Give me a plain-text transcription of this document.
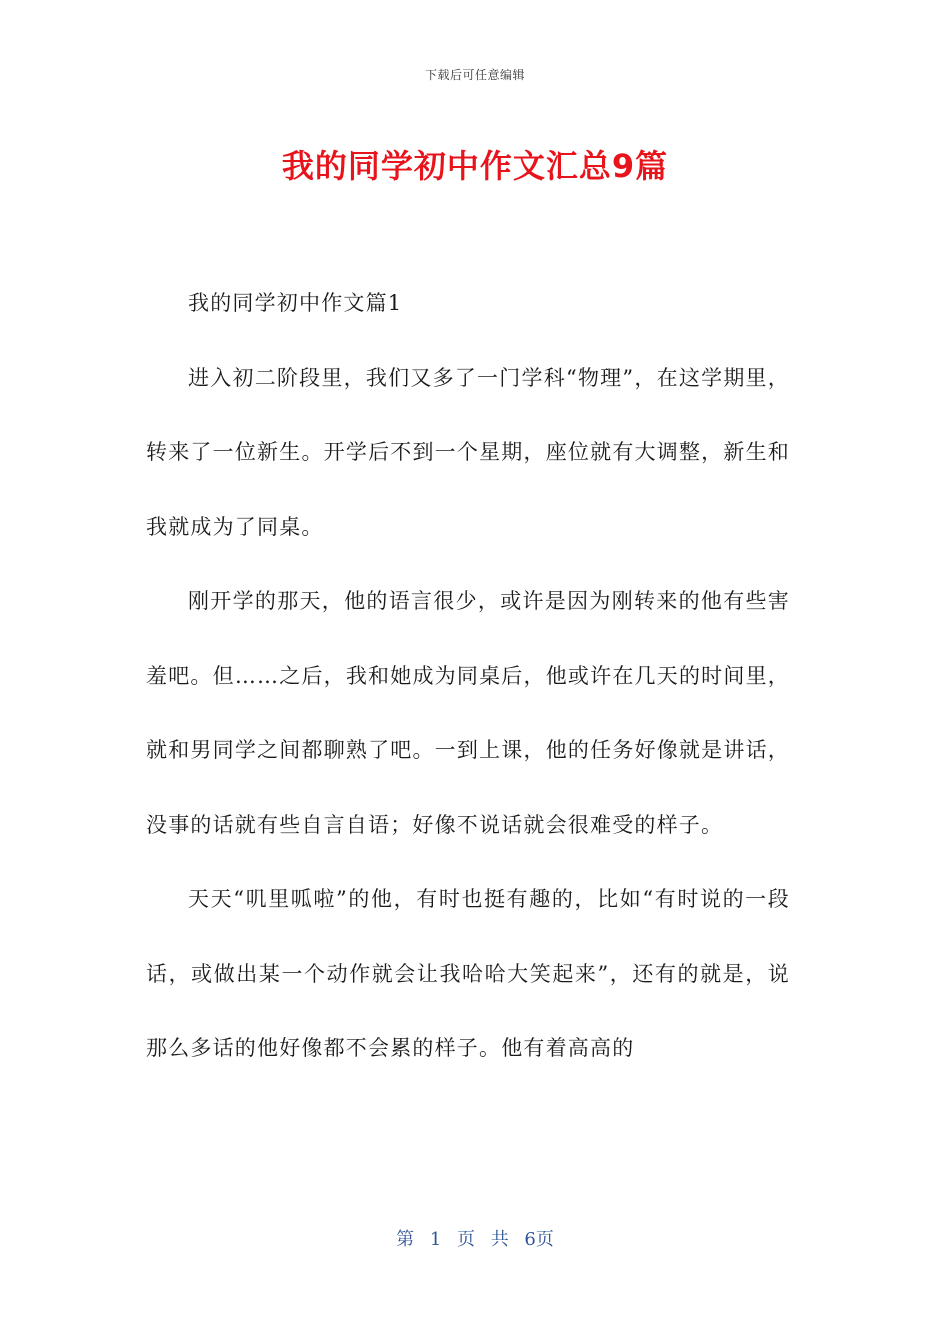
下载后可任意编辑
我的同学初中作文汇总9篇

我的同学初中作文篇1

进入初二阶段里，我们又多了一门学科“物理”，在这学期里，转来了一位新生。开学后不到一个星期，座位就有大调整，新生和我就成为了同桌。

刚开学的那天，他的语言很少，或许是因为刚转来的他有些害羞吧。但……之后，我和她成为同桌后，他或许在几天的时间里，就和男同学之间都聊熟了吧。一到上课，他的任务好像就是讲话，没事的话就有些自言自语；好像不说话就会很难受的样子。

天天“叽里呱啦”的他，有时也挺有趣的，比如“有时说的一段话，或做出某一个动作就会让我哈哈大笑起来”，还有的就是，说那么多话的他好像都不会累的样子。他有着高高的

第 1 页 共 6页
